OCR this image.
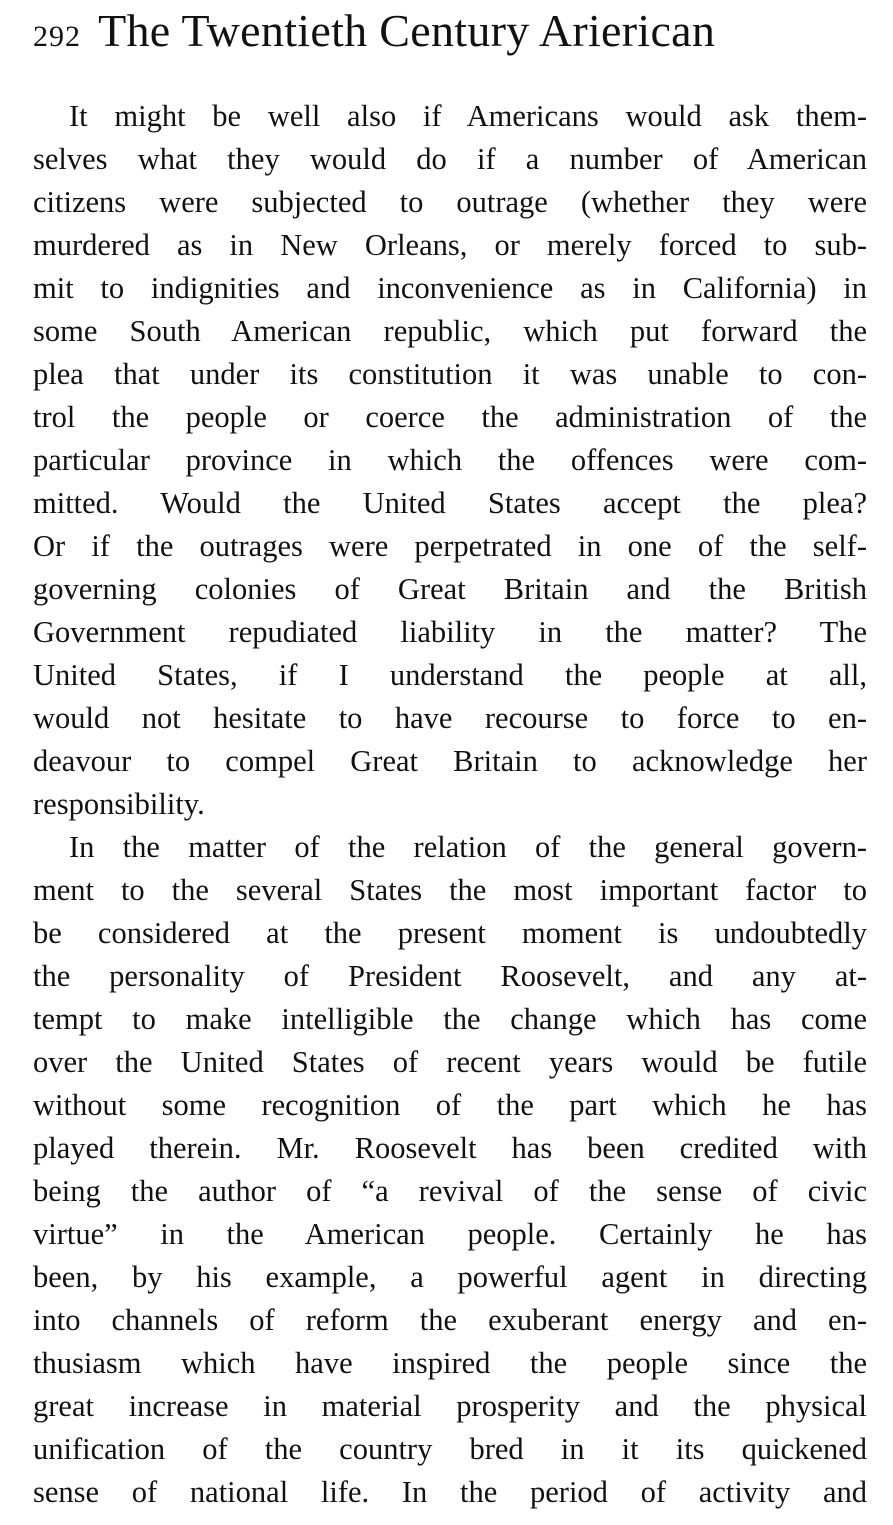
292 The Twentieth Century Arierican
It might be well also if Americans would ask them-
selves what they would do if a number of American
citizens were subjected to outrage (whether they were
murdered as in New Orleans, or merely forced to sub-
mit to indignities and inconvenience as in California) in
some South American republic, which put forward the
plea that under its constitution it was unable to con-
trol the people or coerce the administration of the
particular province in which the offences were com-
mitted. Would the United States accept the plea?
Or if the outrages were perpetrated in one of the self-
governing colonies of Great Britain and the British
Government repudiated liability in the matter? The
United States, if I understand the people at all,
would not hesitate to have recourse to force to en-
deavour to compel Great Britain to acknowledge her
responsibility.
In the matter of the relation of the general govern-
ment to the several States the most important factor to
be considered at the present moment is undoubtedly
the personality of President Roosevelt, and any at-
tempt to make intelligible the change which has come
over the United States of recent years would be futile
without some recognition of the part which he has
played therein. Mr. Roosevelt has been credited with
being the author of “a revival of the sense of civic
virtue” in the American people. Certainly he has
been, by his example, a powerful agent in directing
into channels of reform the exuberant energy and en-
thusiasm which have inspired the people since the
great increase in material prosperity and the physical
unification of the country bred in it its quickened
sense of national life. In the period of activity and
